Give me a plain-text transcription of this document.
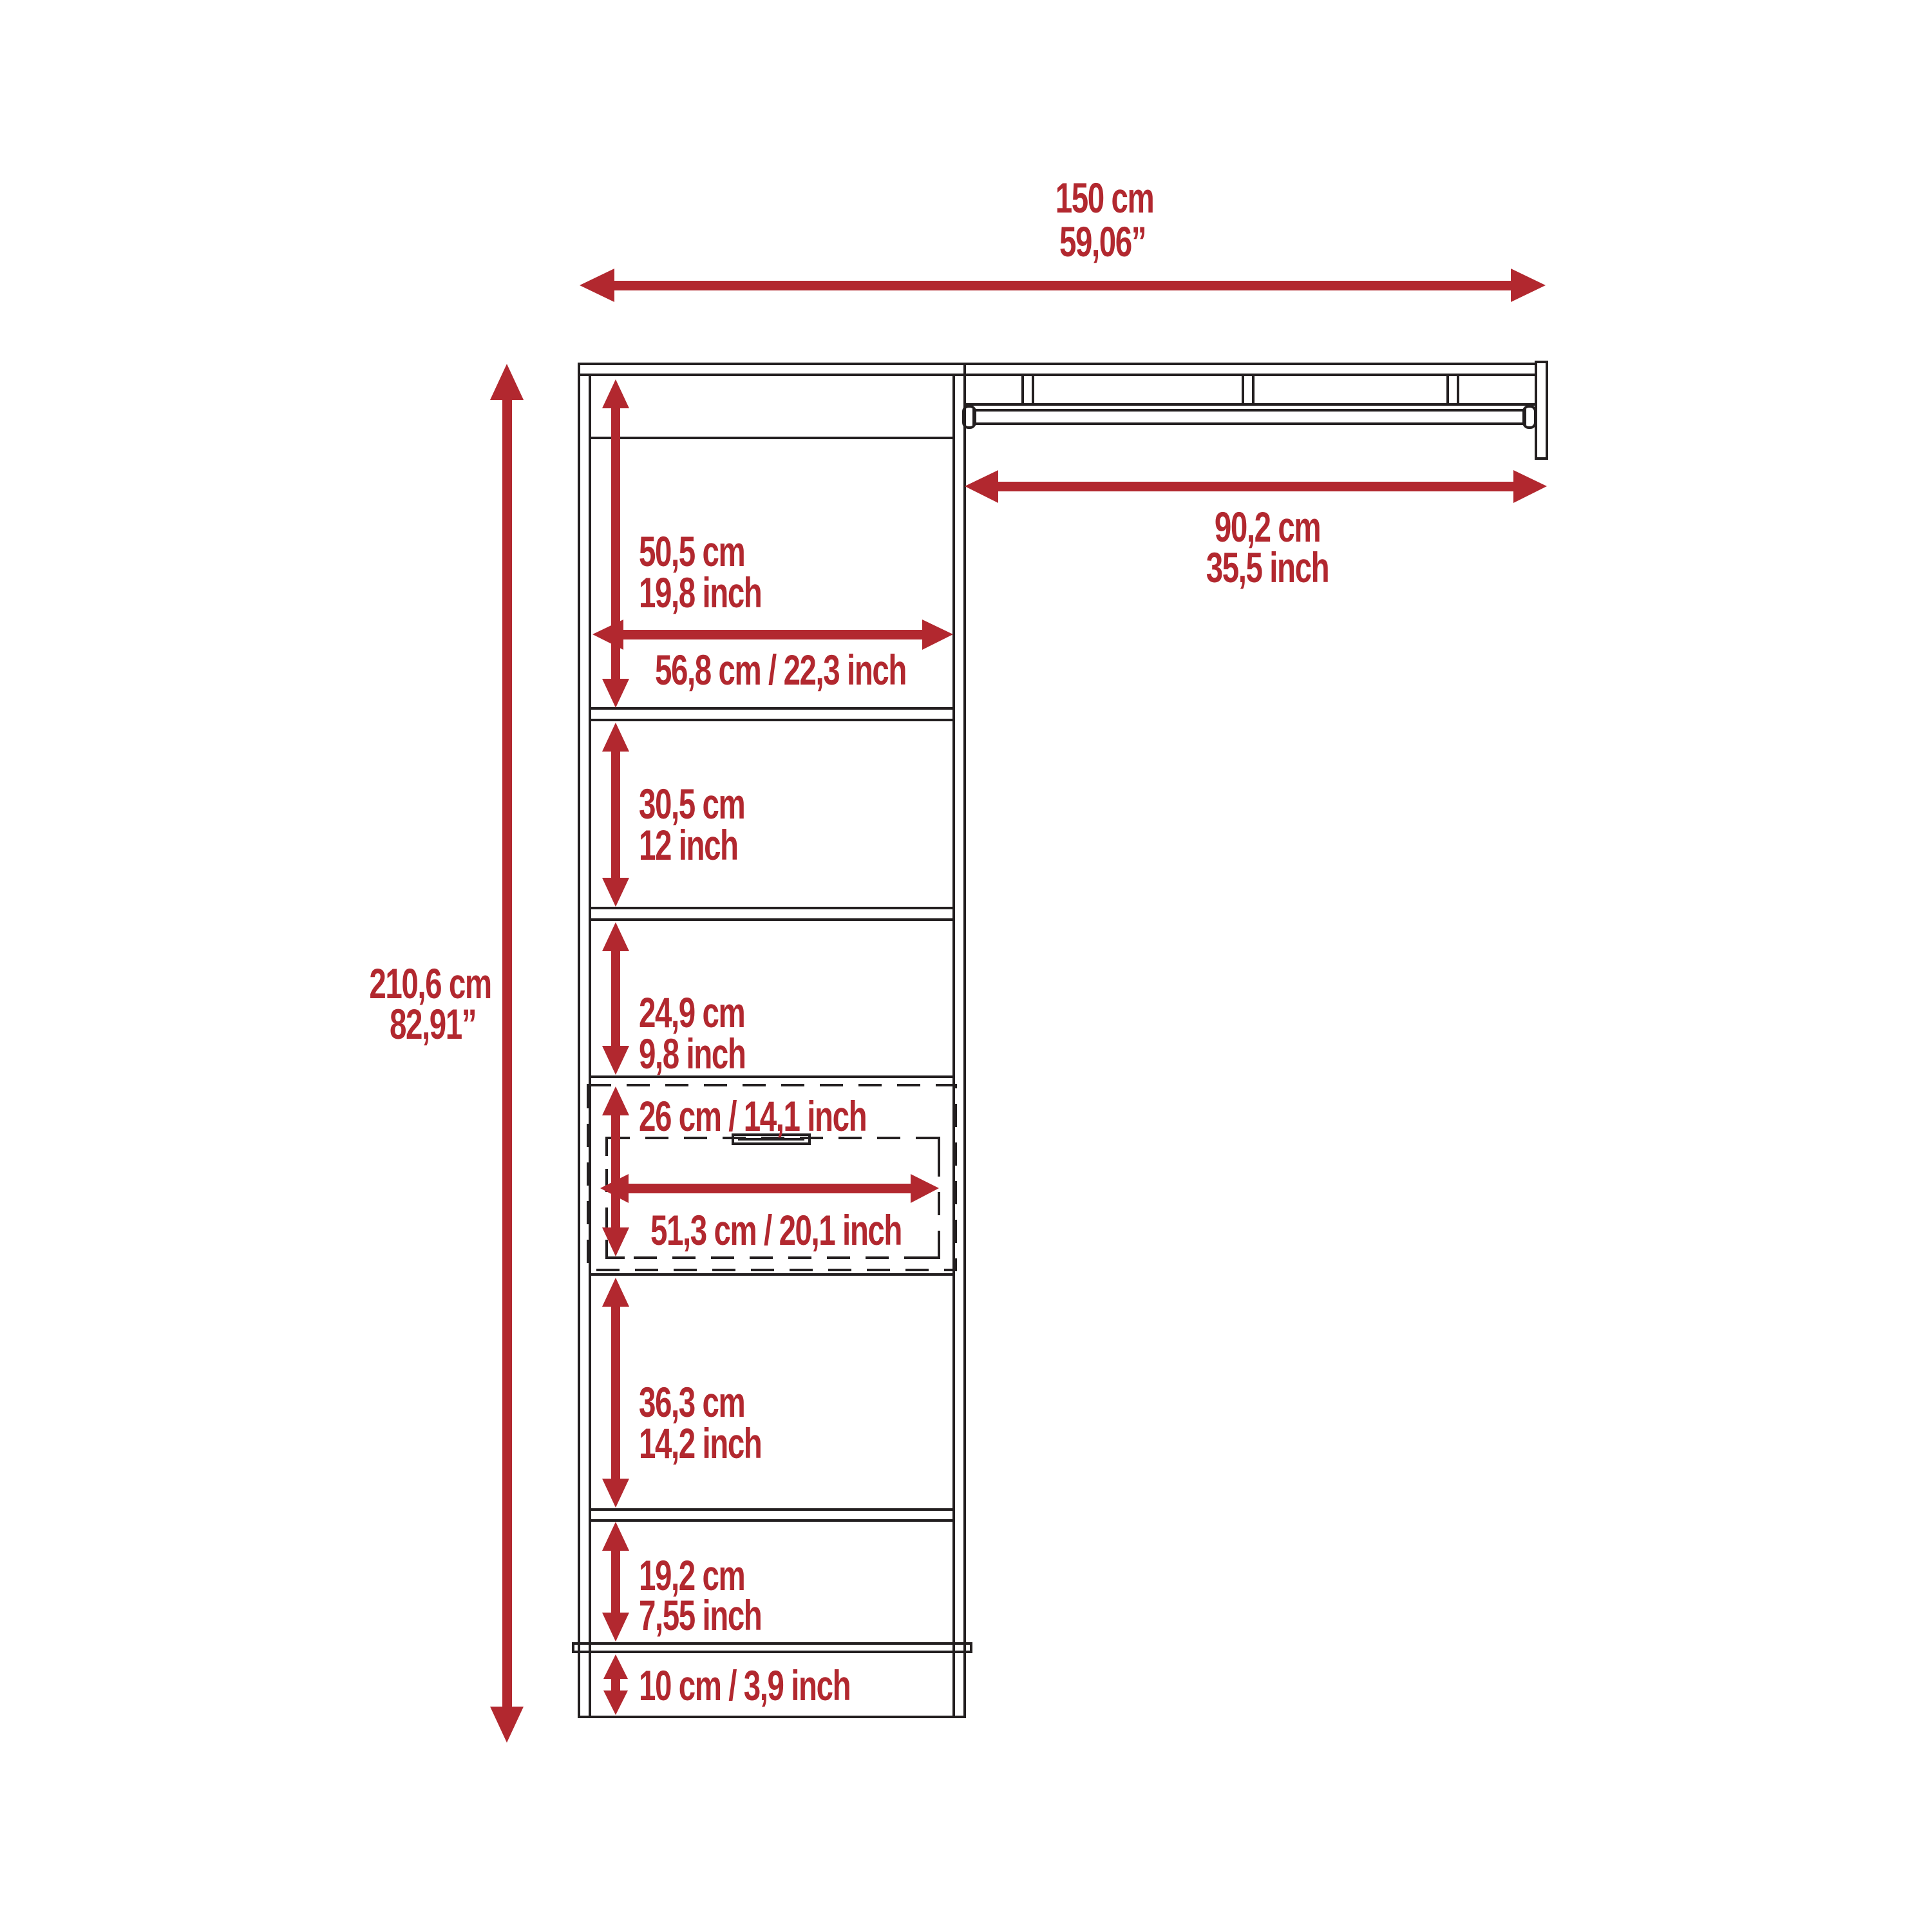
150 cm
59,06”
210,6 cm
82,91”
90,2 cm
35,5 inch
50,5 cm
19,8 inch
56,8 cm / 22,3 inch
30,5 cm
12 inch
24,9 cm
9,8 inch
26 cm / 14,1 inch
51,3 cm / 20,1 inch
36,3 cm
14,2 inch
19,2 cm
7,55 inch
10 cm / 3,9 inch
